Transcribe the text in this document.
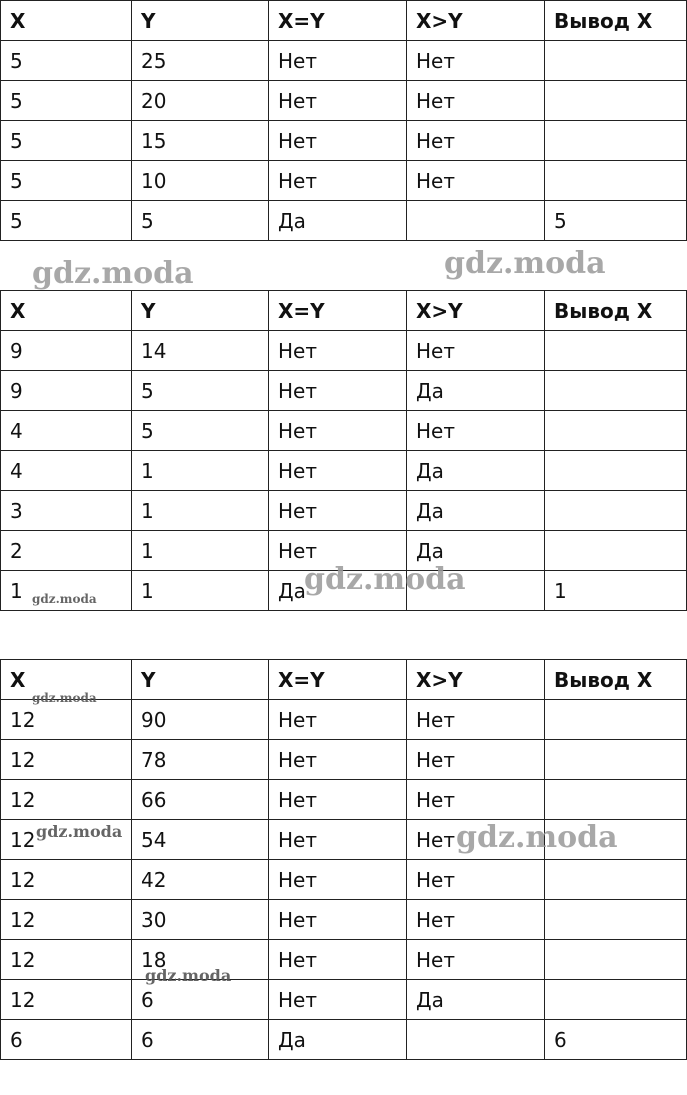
X	Y	X=Y	X>Y	Вывод X
5	25	Нет	Нет	
5	20	Нет	Нет	
5	15	Нет	Нет	
5	10	Нет	Нет	
5	5	Да		5
X	Y	X=Y	X>Y	Вывод X
9	14	Нет	Нет	
9	5	Нет	Да	
4	5	Нет	Нет	
4	1	Нет	Да	
3	1	Нет	Да	
2	1	Нет	Да	
1	1	Да		1
X	Y	X=Y	X>Y	Вывод X
12	90	Нет	Нет	
12	78	Нет	Нет	
12	66	Нет	Нет	
12	54	Нет	Нет	
12	42	Нет	Нет	
12	30	Нет	Нет	
12	18	Нет	Нет	
12	6	Нет	Да	
6	6	Да		6
gdz.moda	gdz.moda
gdz.moda
gdz.moda
gdz.moda
gdz.moda
gdz.moda
gdz.moda
